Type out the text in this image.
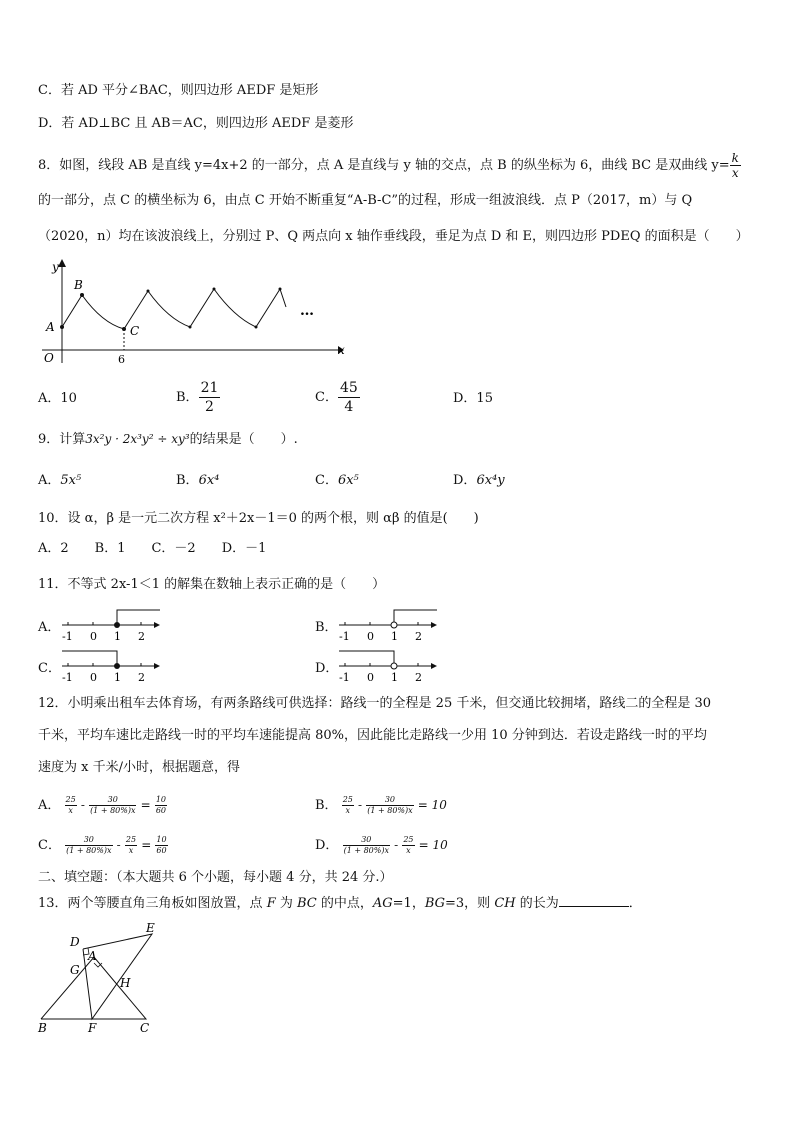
C．若 AD 平分∠BAC，则四边形 AEDF 是矩形
D．若 AD⊥BC 且 AB＝AC，则四边形 AEDF 是菱形
8．如图，线段 AB 是直线 y=4x+2 的一部分，点 A 是直线与 y 轴的交点，点 B 的纵坐标为 6，曲线 BC 是双曲线 $y= \frac{k}{x}$
的一部分，点 C 的横坐标为 6，由点 C 开始不断重复“A-B-C”的过程，形成一组波浪线．点 P（2017，m）与 Q
（2020，n）均在该波浪线上，分别过 P、Q 两点向 x 轴作垂线段，垂足为点 D 和 E，则四边形 PDEQ 的面积是（　　）
y
x
O
A
B
C
6
…
A．10	B． $\frac{21}{2}$	C． $\frac{45}{4}$	D．15
9．计算3x²y · 2x³y² ÷ xy³的结果是（　　）.
A．5x⁵	B．6x⁴	C．6x⁵	D．6x⁴y
10．设 α，β 是一元二次方程 x²＋2x－1＝0 的两个根，则 αβ 的值是(　　)
A．2　　B．1　　C．－2　　D．－1
11．不等式 2x-1＜1 的解集在数轴上表示正确的是（　　）
A．
-1 0 1 2
B．
-1 0 1 2
C．
-1 0 1 2
D．
-1 0 1 2
12．小明乘出租车去体育场，有两条路线可供选择：路线一的全程是 25 千米，但交通比较拥堵，路线二的全程是 30
千米，平均车速比走路线一时的平均车速能提高 80%，因此能比走路线一少用 10 分钟到达．若设走路线一时的平均
速度为 x 千米/小时，根据题意，得
A． $\frac{25}{x} - \frac{30}{(1 + 80\%)x} = \frac{10}{60}$	B． $\frac{25}{x} - \frac{30}{(1 + 80\%)x} = 10$
C． $\frac{30}{(1 + 80\%)x} - \frac{25}{x} = \frac{10}{60}$	D． $\frac{30}{(1 + 80\%)x} - \frac{25}{x} = 10$
二、填空题：（本大题共 6 个小题，每小题 4 分，共 24 分.）
13．两个等腰直角三角板如图放置，点 F 为 BC 的中点，AG=1，BG=3，则 CH 的长为	．
D
E
G
A
H
B	F	C
